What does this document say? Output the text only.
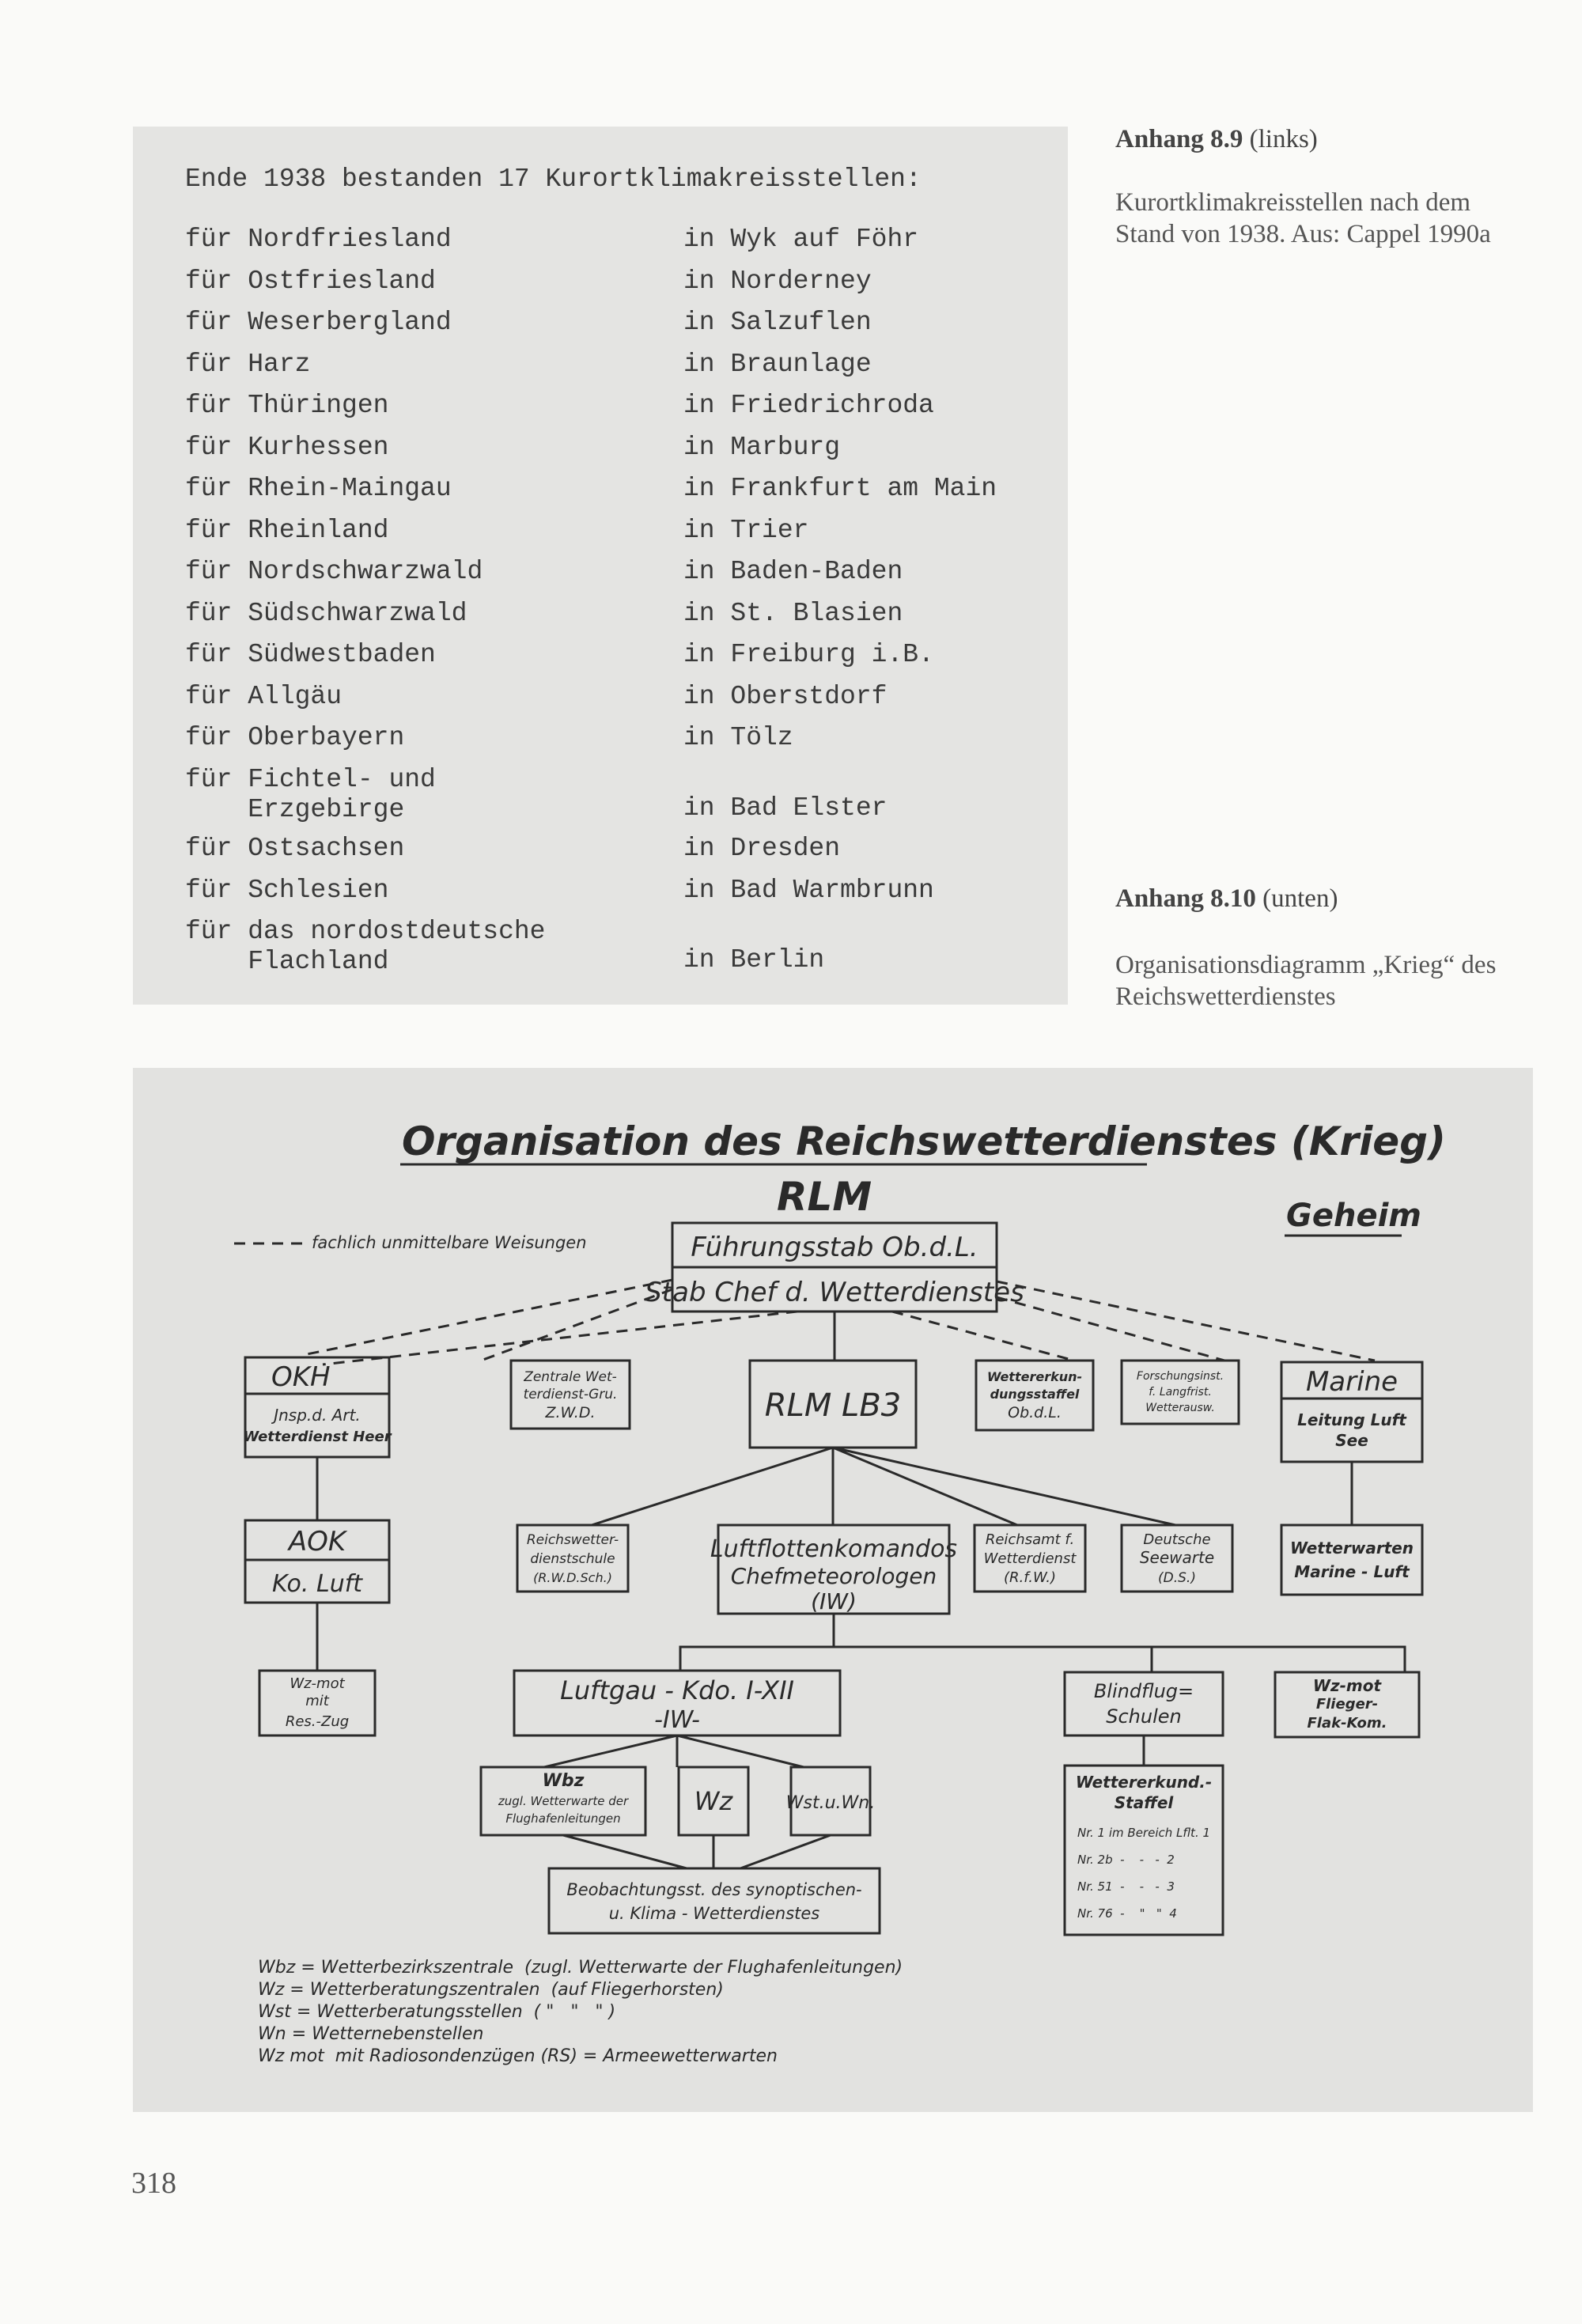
Ende 1938 bestanden 17 Kurortklimakreisstellen:
für Nordfriesland	in Wyk auf Föhr
für Ostfriesland	in Norderney
für Weserbergland	in Salzuflen
für Harz	in Braunlage
für Thüringen	in Friedrichroda
für Kurhessen	in Marburg
für Rhein-Maingau	in Frankfurt am Main
für Rheinland	in Trier
für Nordschwarzwald	in Baden-Baden
für Südschwarzwald	in St. Blasien
für Südwestbaden	in Freiburg i.B.
für Allgäu	in Oberstdorf
für Oberbayern	in Tölz
für Fichtel- und
Erzgebirge	in Bad Elster
für Ostsachsen	in Dresden
für Schlesien	in Bad Warmbrunn
für das nordostdeutsche
Flachland	in Berlin
Anhang 8.9 (links)
Kurortklimakreisstellen nach dem
Stand von 1938. Aus: Cappel 1990a
Anhang 8.10 (unten)
Organisationsdiagramm „Krieg“ des
Reichswetterdienstes
Organisation des Reichswetterdienstes (Krieg)
RLM	Geheim
fachlich unmittelbare Weisungen	Führungsstab Ob.d.L.
Stab Chef d. Wetterdienstes
OKH
Jnsp.d. Art.
Wetterdienst Heer
Zentrale Wet-
terdienst-Gru.
Z.W.D.	RLM LB3
Wettererkun-
dungsstaffel
Ob.d.L.
Forschungsinst.
f. Langfrist.
Wetterausw.
Marine
Leitung Luft
See
AOK
Ko. Luft
Reichswetter-
dienstschule
(R.W.D.Sch.)
Luftflottenkomandos
Chefmeteorologen
(IW)
Reichsamt f.
Wetterdienst
(R.f.W.)
Deutsche
Seewarte
(D.S.)
Wetterwarten
Marine - Luft
Wz-mot
mit
Res.-Zug
Luftgau - Kdo. I-XII
-IW-
Blindflug=
Schulen
Wz-mot
Flieger-
Flak-Kom.
Wbz
zugl. Wetterwarte der
Flughafenleitungen
Wz	Wst.u.Wn.
Wettererkund.-
Staffel
Nr. 1 im Bereich Lflt. 1
Nr. 2b  -    -   -  2
Nr. 51  -    -   -  3
Nr. 76  -    "   "  4
Beobachtungsst. des synoptischen-
u. Klima - Wetterdienstes
Wbz = Wetterbezirkszentrale  (zugl. Wetterwarte der Flughafenleitungen)
Wz = Wetterberatungszentralen  (auf Fliegerhorsten)
Wst = Wetterberatungsstellen  ( "   "   " )
Wn = Wetternebenstellen
Wz mot  mit Radiosondenzügen (RS) = Armeewetterwarten
318
